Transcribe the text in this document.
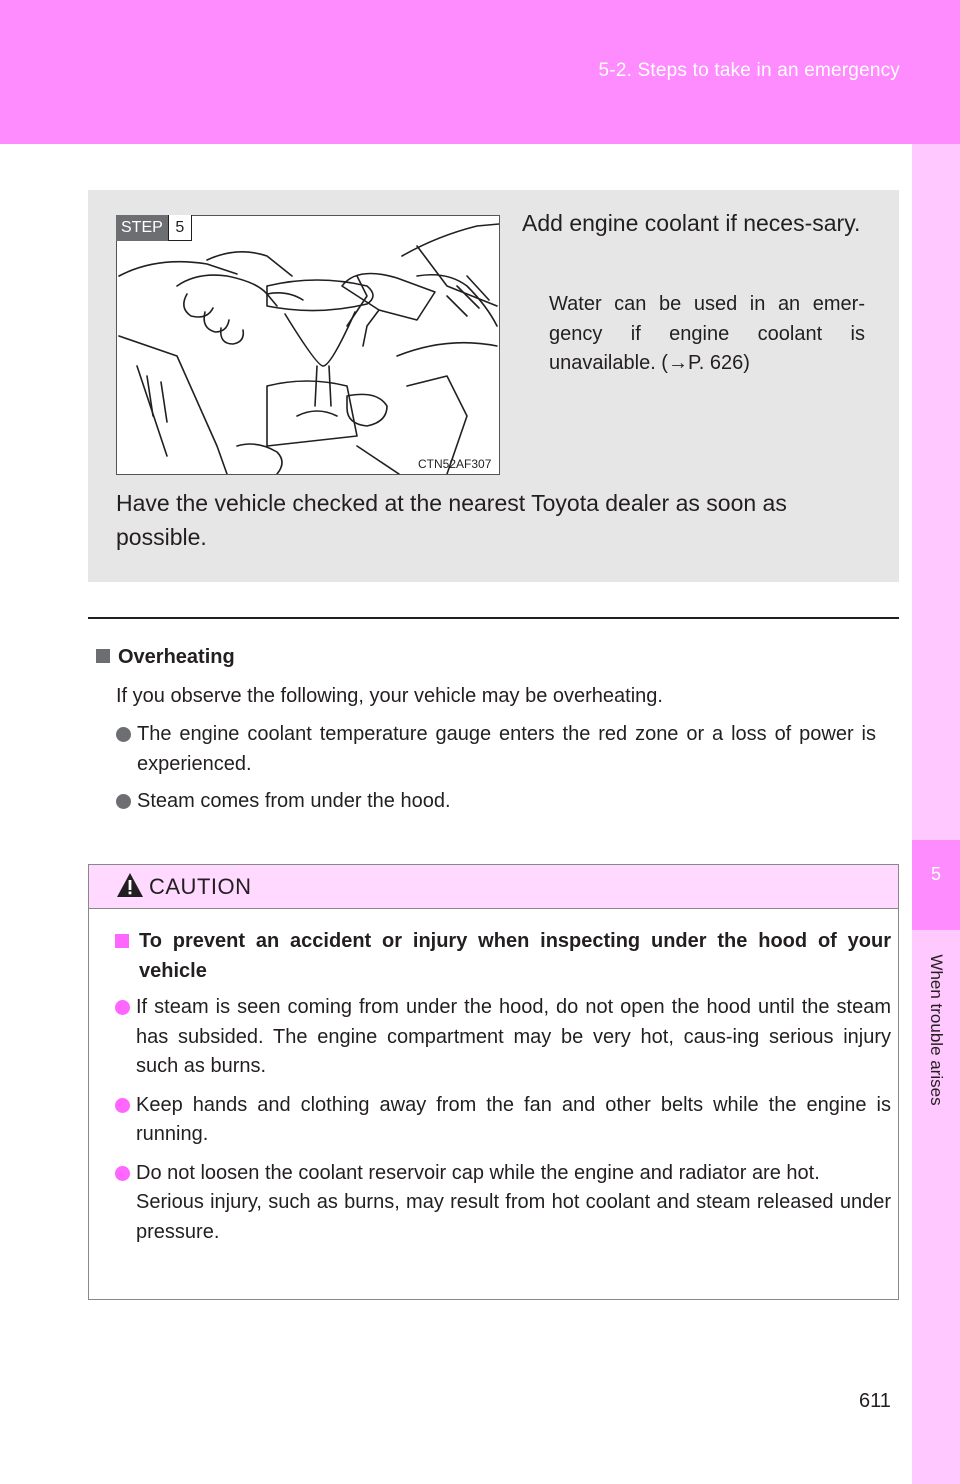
5-2. Steps to take in an emergency
5
When trouble arises
STEP 5
CTN52AF307
Add engine coolant if neces-sary.
Water can be used in an emer-gency if engine coolant is unavailable. (→P. 626)
Have the vehicle checked at the nearest Toyota dealer as soon as possible.
Overheating
If you observe the following, your vehicle may be overheating.
The engine coolant temperature gauge enters the red zone or a loss of power is experienced.
Steam comes from under the hood.
CAUTION
To prevent an accident or injury when inspecting under the hood of your vehicle
If steam is seen coming from under the hood, do not open the hood until the steam has subsided. The engine compartment may be very hot, caus-ing serious injury such as burns.
Keep hands and clothing away from the fan and other belts while the engine is running.
Do not loosen the coolant reservoir cap while the engine and radiator are hot.
Serious injury, such as burns, may result from hot coolant and steam released under pressure.
611
